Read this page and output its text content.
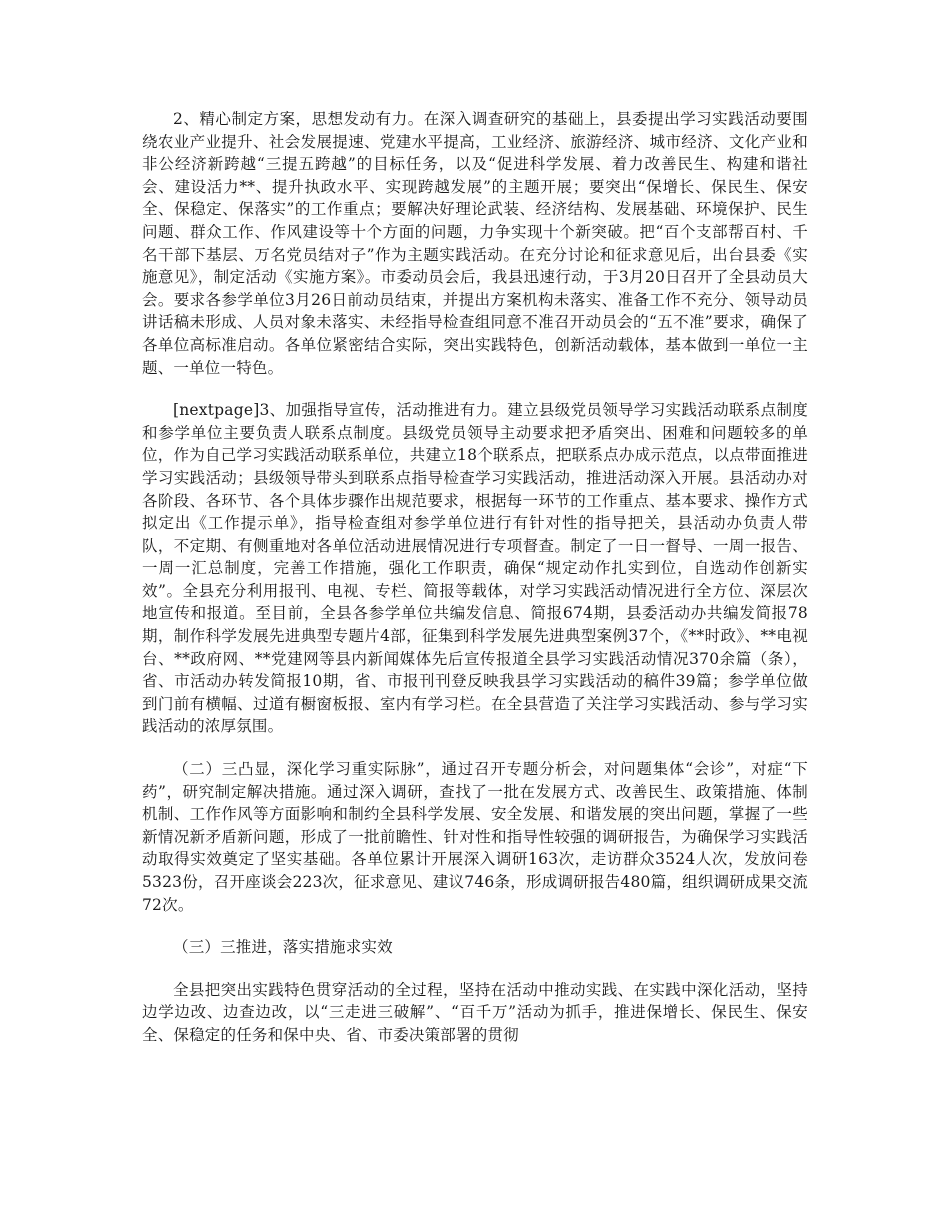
2、精心制定方案，思想发动有力。在深入调查研究的基础上，县委提出学习实践活动要围绕农业产业提升、社会发展提速、党建水平提高，工业经济、旅游经济、城市经济、文化产业和非公经济新跨越“三提五跨越”的目标任务，以及“促进科学发展、着力改善民生、构建和谐社会、建设活力**、提升执政水平、实现跨越发展”的主题开展；要突出“保增长、保民生、保安全、保稳定、保落实”的工作重点；要解决好理论武装、经济结构、发展基础、环境保护、民生问题、群众工作、作风建设等十个方面的问题，力争实现十个新突破。把“百个支部帮百村、千名干部下基层、万名党员结对子”作为主题实践活动。在充分讨论和征求意见后，出台县委《实施意见》，制定活动《实施方案》。市委动员会后，我县迅速行动，于3月20日召开了全县动员大会。要求各参学单位3月26日前动员结束，并提出方案机构未落实、准备工作不充分、领导动员讲话稿未形成、人员对象未落实、未经指导检查组同意不准召开动员会的“五不准”要求，确保了各单位高标准启动。各单位紧密结合实际，突出实践特色，创新活动载体，基本做到一单位一主题、一单位一特色。

[nextpage]3、加强指导宣传，活动推进有力。建立县级党员领导学习实践活动联系点制度和参学单位主要负责人联系点制度。县级党员领导主动要求把矛盾突出、困难和问题较多的单位，作为自己学习实践活动联系单位，共建立18个联系点，把联系点办成示范点，以点带面推进学习实践活动；县级领导带头到联系点指导检查学习实践活动，推进活动深入开展。县活动办对各阶段、各环节、各个具体步骤作出规范要求，根据每一环节的工作重点、基本要求、操作方式拟定出《工作提示单》，指导检查组对参学单位进行有针对性的指导把关，县活动办负责人带队，不定期、有侧重地对各单位活动进展情况进行专项督查。制定了一日一督导、一周一报告、一周一汇总制度，完善工作措施，强化工作职责，确保“规定动作扎实到位，自选动作创新实效”。全县充分利用报刊、电视、专栏、简报等载体，对学习实践活动情况进行全方位、深层次地宣传和报道。至目前，全县各参学单位共编发信息、简报674期，县委活动办共编发简报78期，制作科学发展先进典型专题片4部，征集到科学发展先进典型案例37个，《**时政》、**电视台、**政府网、**党建网等县内新闻媒体先后宣传报道全县学习实践活动情况370余篇（条），省、市活动办转发简报10期，省、市报刊刊登反映我县学习实践活动的稿件39篇；参学单位做到门前有横幅、过道有橱窗板报、室内有学习栏。在全县营造了关注学习实践活动、参与学习实践活动的浓厚氛围。

（二）三凸显，深化学习重实际脉”，通过召开专题分析会，对问题集体“会诊”，对症“下药”，研究制定解决措施。通过深入调研，查找了一批在发展方式、改善民生、政策措施、体制机制、工作作风等方面影响和制约全县科学发展、安全发展、和谐发展的突出问题，掌握了一些新情况新矛盾新问题，形成了一批前瞻性、针对性和指导性较强的调研报告，为确保学习实践活动取得实效奠定了坚实基础。各单位累计开展深入调研163次，走访群众3524人次，发放问卷5323份，召开座谈会223次，征求意见、建议746条，形成调研报告480篇，组织调研成果交流72次。

（三）三推进，落实措施求实效

全县把突出实践特色贯穿活动的全过程，坚持在活动中推动实践、在实践中深化活动，坚持边学边改、边查边改，以“三走进三破解”、“百千万”活动为抓手，推进保增长、保民生、保安全、保稳定的任务和保中央、省、市委决策部署的贯彻
